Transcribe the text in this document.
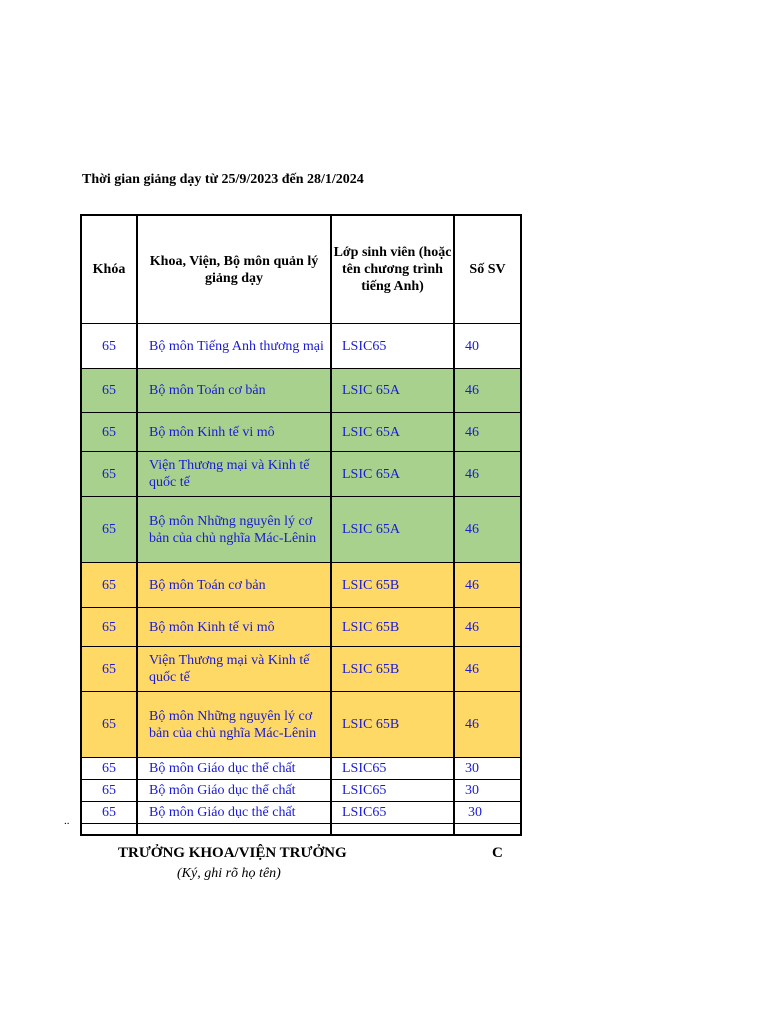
Thời gian giảng dạy từ 25/9/2023 đến 28/1/2024
Khóa	Khoa, Viện, Bộ môn quản lý giảng dạy	Lớp sinh viên (hoặc tên chương trình tiếng Anh)	Số SV
65	Bộ môn Tiếng Anh thương mại	LSIC65	40
65	Bộ môn Toán cơ bản	LSIC 65A	46
65	Bộ môn Kinh tế vi mô	LSIC 65A	46
65	Viện Thương mại và Kinh tế quốc tế	LSIC 65A	46
65	Bộ môn Những nguyên lý cơ bản của chủ nghĩa Mác-Lênin	LSIC 65A	46
65	Bộ môn Toán cơ bản	LSIC 65B	46
65	Bộ môn Kinh tế vi mô	LSIC 65B	46
65	Viện Thương mại và Kinh tế quốc tế	LSIC 65B	46
65	Bộ môn Những nguyên lý cơ bản của chủ nghĩa Mác-Lênin	LSIC 65B	46
65	Bộ môn Giáo dục thể chất	LSIC65	30
65	Bộ môn Giáo dục thể chất	LSIC65	30
65	Bộ môn Giáo dục thể chất	LSIC65	30

..
TRƯỞNG KHOA/VIỆN TRƯỞNG
(Ký, ghi rõ họ tên)
C
